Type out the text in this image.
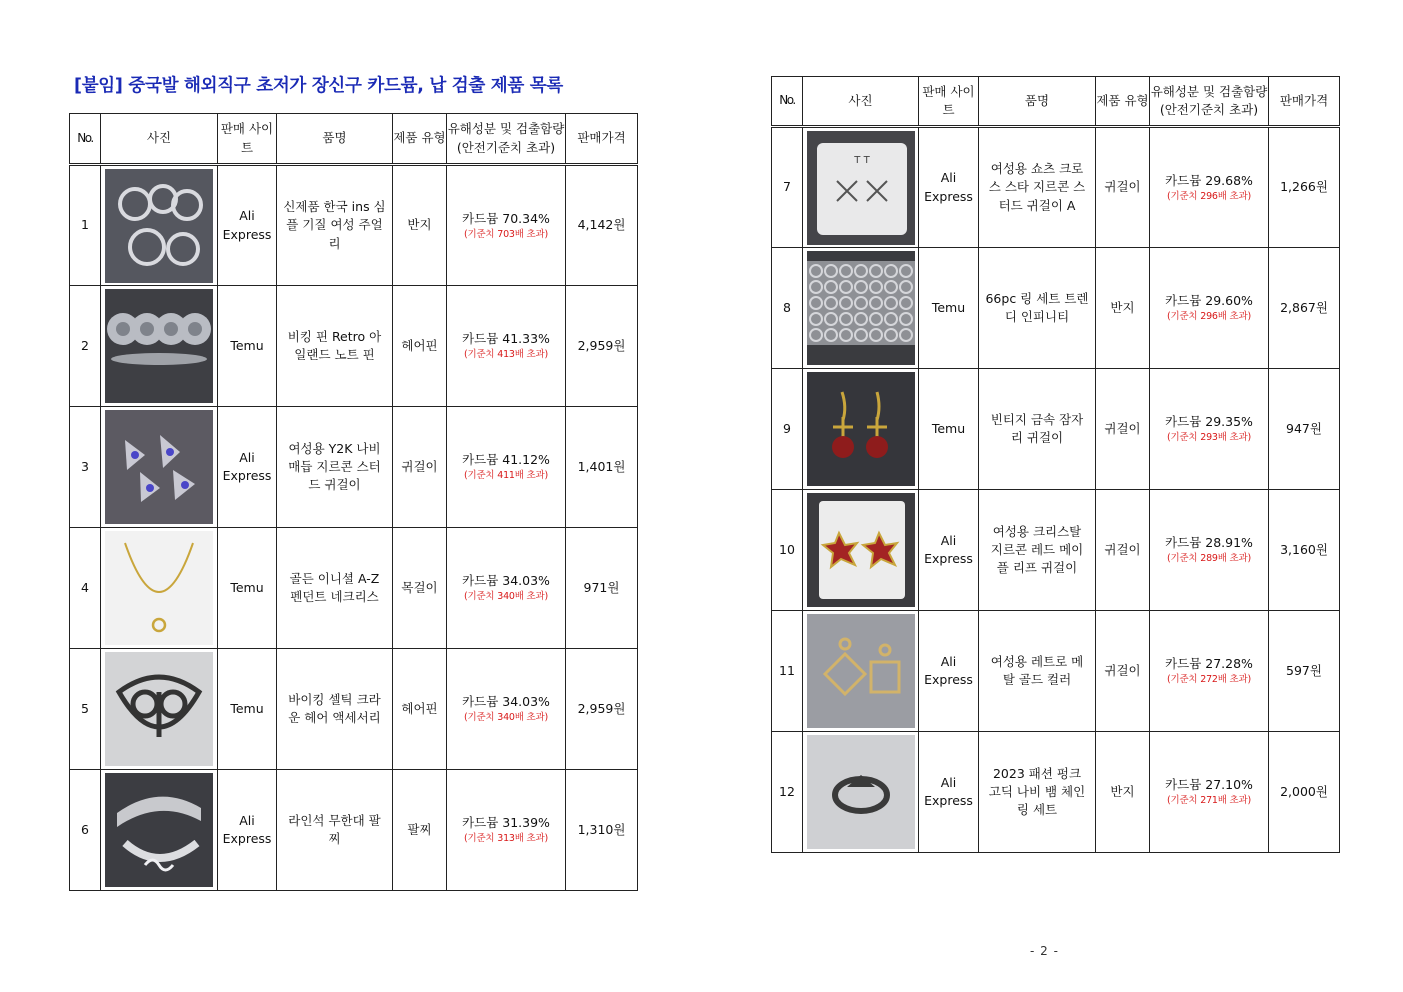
[붙임] 중국발 해외직구 초저가 장신구 카드뮴, 납 검출 제품 목록
No.	사진	판매 사이트	품명	제품 유형	유해성분 및 검출함량 (안전기준치 초과)	판매가격
1		Ali Express	신제품 한국 ins 심플 기질 여성 주얼리	반지	카드뮴 70.34%
(기준치 703배 초과)	4,142원
2		Temu	비킹 핀 Retro 아일랜드 노트 핀	헤어핀	카드뮴 41.33%
(기준치 413배 초과)	2,959원
3		Ali Express	여성용 Y2K 나비 매듭 지르콘 스터드 귀걸이	귀걸이	카드뮴 41.12%
(기준치 411배 초과)	1,401원
4		Temu	골든 이니셜 A-Z 펜던트 네크리스	목걸이	카드뮴 34.03%
(기준치 340배 초과)	971원
5		Temu	바이킹 셀틱 크라운 헤어 액세서리	헤어핀	카드뮴 34.03%
(기준치 340배 초과)	2,959원
6		Ali Express	라인석 무한대 팔찌	팔찌	카드뮴 31.39%
(기준치 313배 초과)	1,310원
No.	사진	판매 사이트	품명	제품 유형	유해성분 및 검출함량 (안전기준치 초과)	판매가격
7	T T	Ali Express	여성용 쇼츠 크로스 스타 지르콘 스터드 귀걸이 A	귀걸이	카드뮴 29.68%
(기준치 296배 초과)	1,266원
8		Temu	66pc 링 세트 트렌디 인피니티	반지	카드뮴 29.60%
(기준치 296배 초과)	2,867원
9		Temu	빈티지 금속 잠자리 귀걸이	귀걸이	카드뮴 29.35%
(기준치 293배 초과)	947원
10		Ali Express	여성용 크리스탈 지르콘 레드 메이플 리프 귀걸이	귀걸이	카드뮴 28.91%
(기준치 289배 초과)	3,160원
11		Ali Express	여성용 레트로 메탈 골드 컬러	귀걸이	카드뮴 27.28%
(기준치 272배 초과)	597원
12		Ali Express	2023 패션 펑크 고딕 나비 뱀 체인 링 세트	반지	카드뮴 27.10%
(기준치 271배 초과)	2,000원
- 2 -
